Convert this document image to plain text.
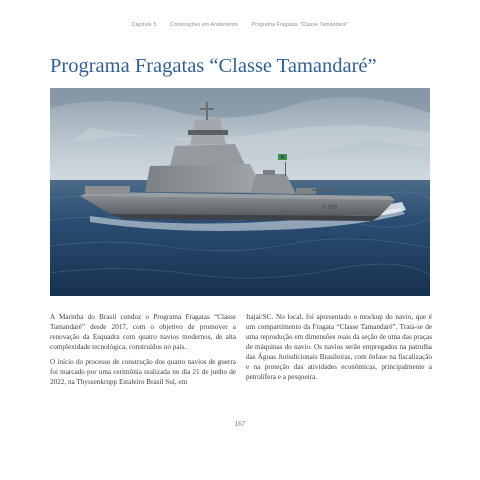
Capítulo 5	Construções em Andamento	Programa Fragatas "Classe Tamandaré"
Programa Fragatas “Classe Tamandaré”
F 200

A Marinha do Brasil conduz o Programa Fragatas “Classe Tamandaré” desde 2017, com o objetivo de promover a renovação da Esquadra com quatro navios modernos, de alta complexidade tecnológica, construídos no país.

O início do processo de construção dos quatro navios de guerra foi marcado por uma cerimônia realizada no dia 21 de junho de 2022, na Thyssenkrupp Estaleiro Brasil Sul, em

Itajaí/SC. No local, foi apresentado o mockup do navio, que é um compartimento da Fragata “Classe Tamandaré”. Trata-se de uma reprodução em dimensões reais da seção de uma das praças de máquinas do navio. Os navios serão empregados na patrulha das Águas Jurisdicionais Brasileiras, com ênfase na fiscalização e na proteção das atividades econômicas, principalmente a petrolífera e a pesqueira.

167
